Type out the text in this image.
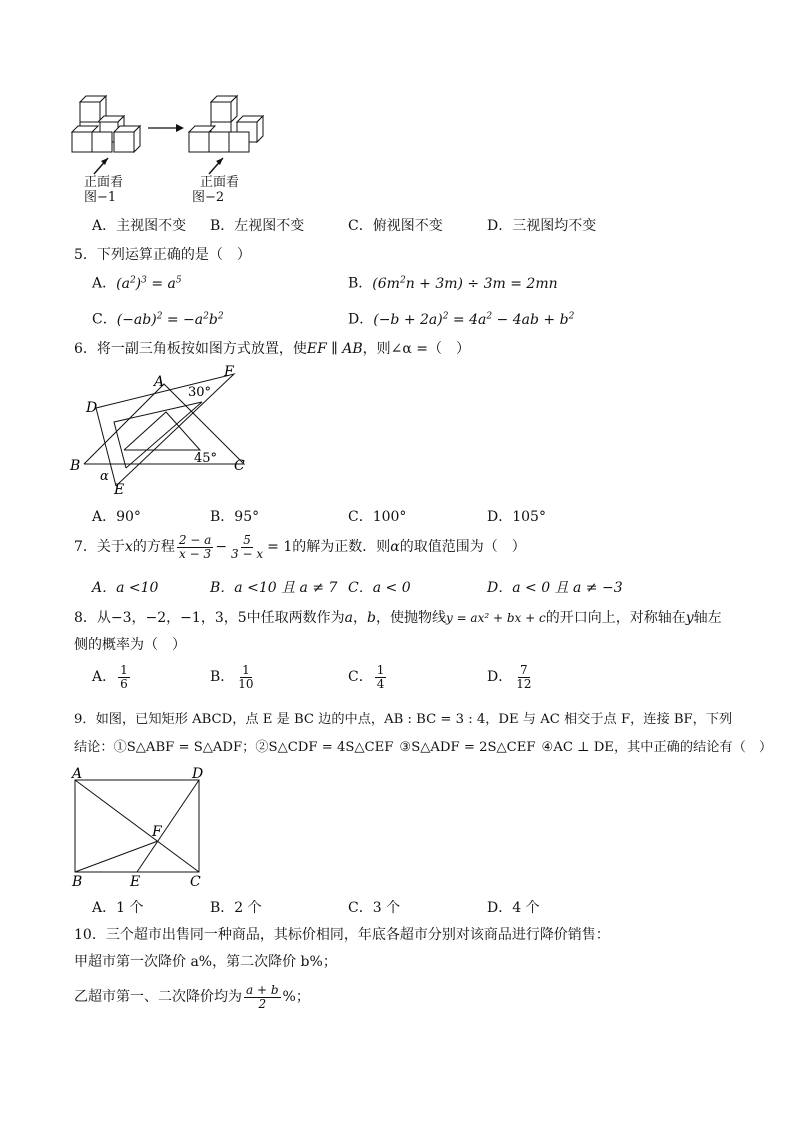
正面看
图−1
正面看
图−2
A．主视图不变 B．左视图不变	C．俯视图不变	D．三视图均不变
5．下列运算正确的是（　）
A．$(a^2)^3 = a^5$	B．$(6m^2n + 3m) \div 3m = 2mn$
C．$(-ab)^2 = -a^2b^2$	D．$(-b + 2a)^2 = 4a^2 - 4ab + b^2$
6．将一副三角板按如图方式放置，使EF ∥ AB，则∠α =（　）
A
B	C
D
E
F
α
30°
45°
A．90°	B．95°	C．100°	D．105°
7．关于x的方程 $\frac{2 - a}{x - 3} - \frac{5}{3 - x} = 1$的解为正数．则α的取值范围为（　）
A．a <10	B．a <10 且 a ≠ 7 C．a < 0	D．a < 0 且 a ≠ −3
8．从−3，−2，−1，3，5中任取两数作为a，b，使抛物线y = ax² + bx + c的开口向上，对称轴在y轴左
侧的概率为（　）
A． $\frac{1}{6}$	B． $\frac{1}{10}$	C． $\frac{1}{4}$	D． $\frac{7}{12}$
9．如图，已知矩形 ABCD，点 E 是 BC 边的中点，AB : BC = 3 : 4，DE 与 AC 相交于点 F，连接 BF，下列
结论：①S△ABF = S△ADF；②S△CDF = 4S△CEF ③S△ADF = 2S△CEF ④AC ⊥ DE，其中正确的结论有（　）
A	D
B	E	C
F
A．1 个	B．2 个	C．3 个	D．4 个
10．三个超市出售同一种商品，其标价相同，年底各超市分别对该商品进行降价销售：
甲超市第一次降价 a%，第二次降价 b%；
乙超市第一、二次降价均为 $\frac{a + b}{2}$ %；
